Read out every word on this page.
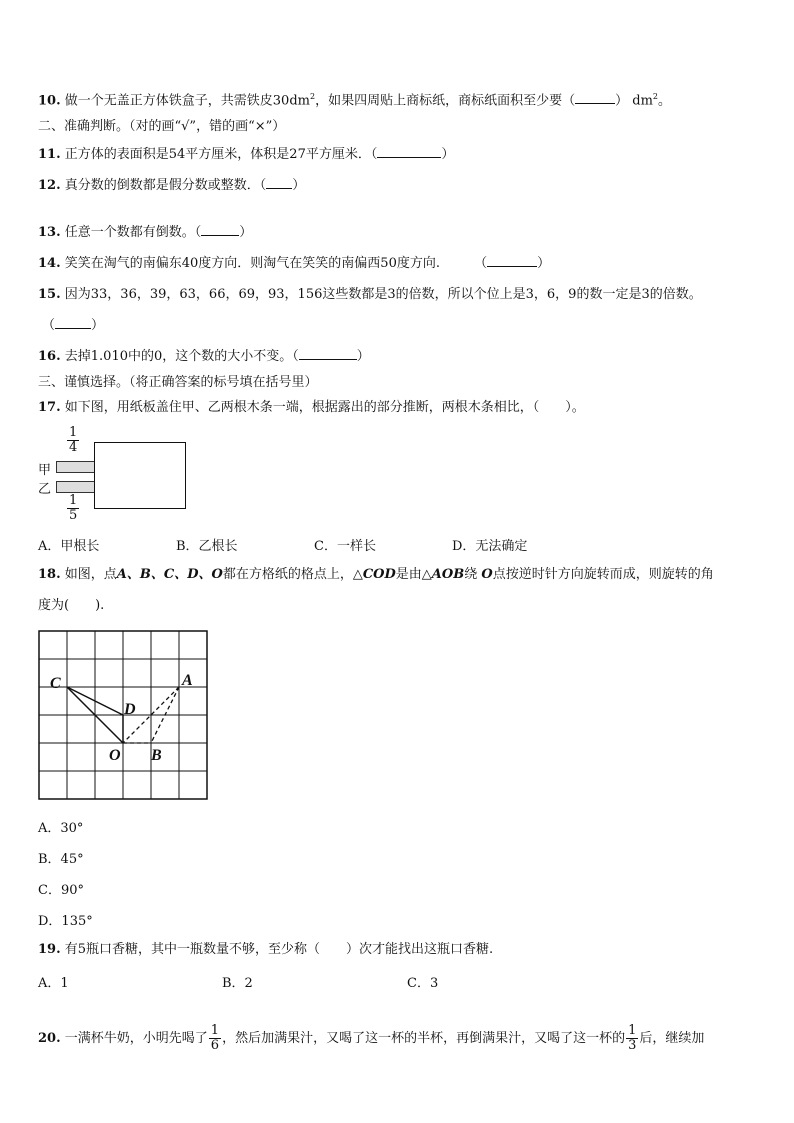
10. 做一个无盖正方体铁盒子，共需铁皮$30dm^2$，如果四周贴上商标纸，商标纸面积至少要（	） $dm^2$。
二、准确判断。（对的画“√”，错的画“×”）
11. 正方体的表面积是54平方厘米，体积是27平方厘米．（	）
12. 真分数的倒数都是假分数或整数．（ ）
13. 任意一个数都有倒数。（	）
14. 笑笑在淘气的南偏东40度方向．则淘气在笑笑的南偏西50度方向.	（	）
15. 因为33，36，39，63，66，69，93，156这些数都是3的倍数，所以个位上是3，6，9的数一定是3的倍数。
（	）
16. 去掉1.010中的0，这个数的大小不变。（	）
三、谨慎选择。（将正确答案的标号填在括号里）
17. 如下图，用纸板盖住甲、乙两根木条一端，根据露出的部分推断，两根木条相比，（　　）。
$\frac{1}{4}$
甲
乙
$\frac{1}{5}$
A．甲根长	B．乙根长	C．一样长	D．无法确定
18. 如图，点A、B、C、D、O都在方格纸的格点上，△COD是由△AOB绕 O点按逆时针方向旋转而成，则旋转的角
度为(　　).
C	A
D
O B
A．30°
B．45°
C．90°
D．135°
19. 有5瓶口香糖，其中一瓶数量不够，至少称（　　）次才能找出这瓶口香糖.
A．1	B．2	C．3
20. 一满杯牛奶，小明先喝了 $\frac{1}{6}$ ，然后加满果汁，又喝了这一杯的半杯，再倒满果汁，又喝了这一杯的 $\frac{1}{3}$ 后，继续加
